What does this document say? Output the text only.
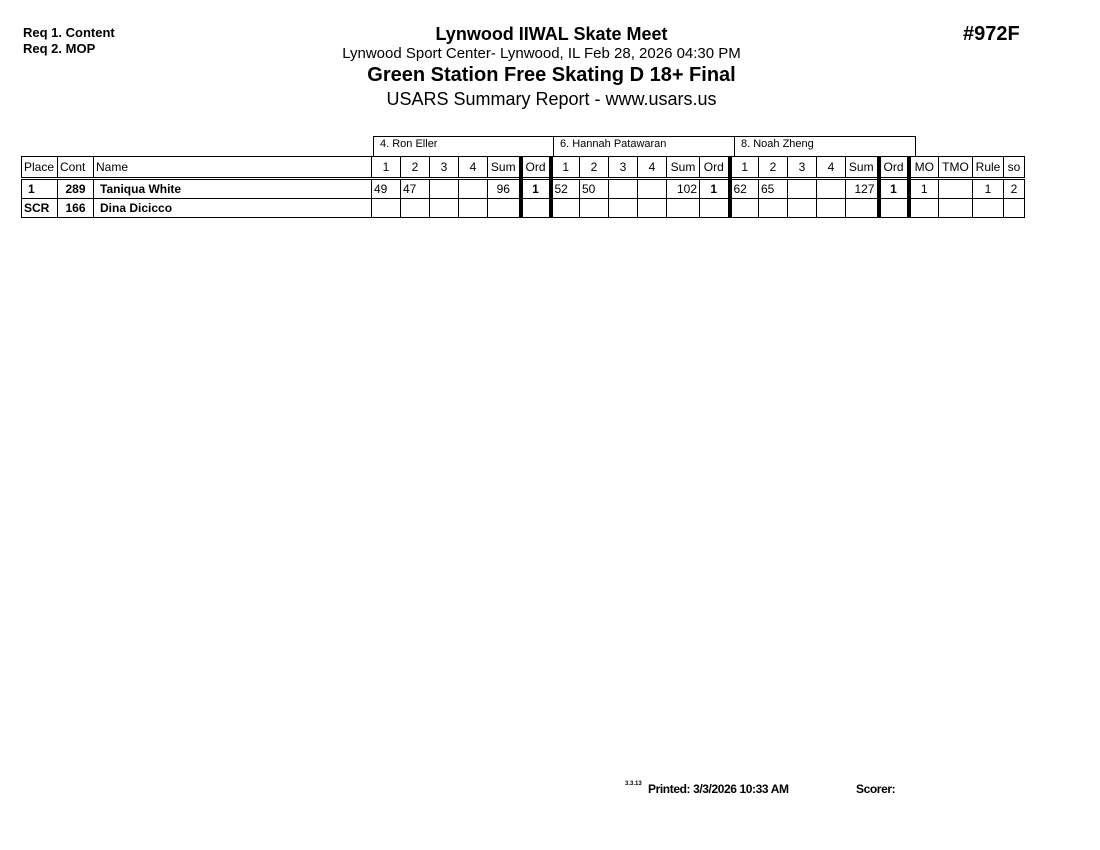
Req 1. Content
Req 2. MOP
#972F
Lynwood IIWAL Skate Meet
Lynwood Sport Center- Lynwood, IL Feb 28, 2026 04:30 PM
Green Station Free Skating D 18+ Final
USARS Summary Report - www.usars.us
4. Ron Eller	6. Hannah Patawaran	8. Noah Zheng
Place	Cont	Name	1	2	3	4	Sum	Ord	1	2	3	4	Sum	Ord	1	2	3	4	Sum	Ord	MO	TMO	Rule	so
1	289	Taniqua White	49	47			96	1	52	50			102	1	62	65			127	1	1		1	2
SCR	166	Dina Dicicco																						
3.3.13 Printed: 3/3/2026 10:33 AM	Scorer:
